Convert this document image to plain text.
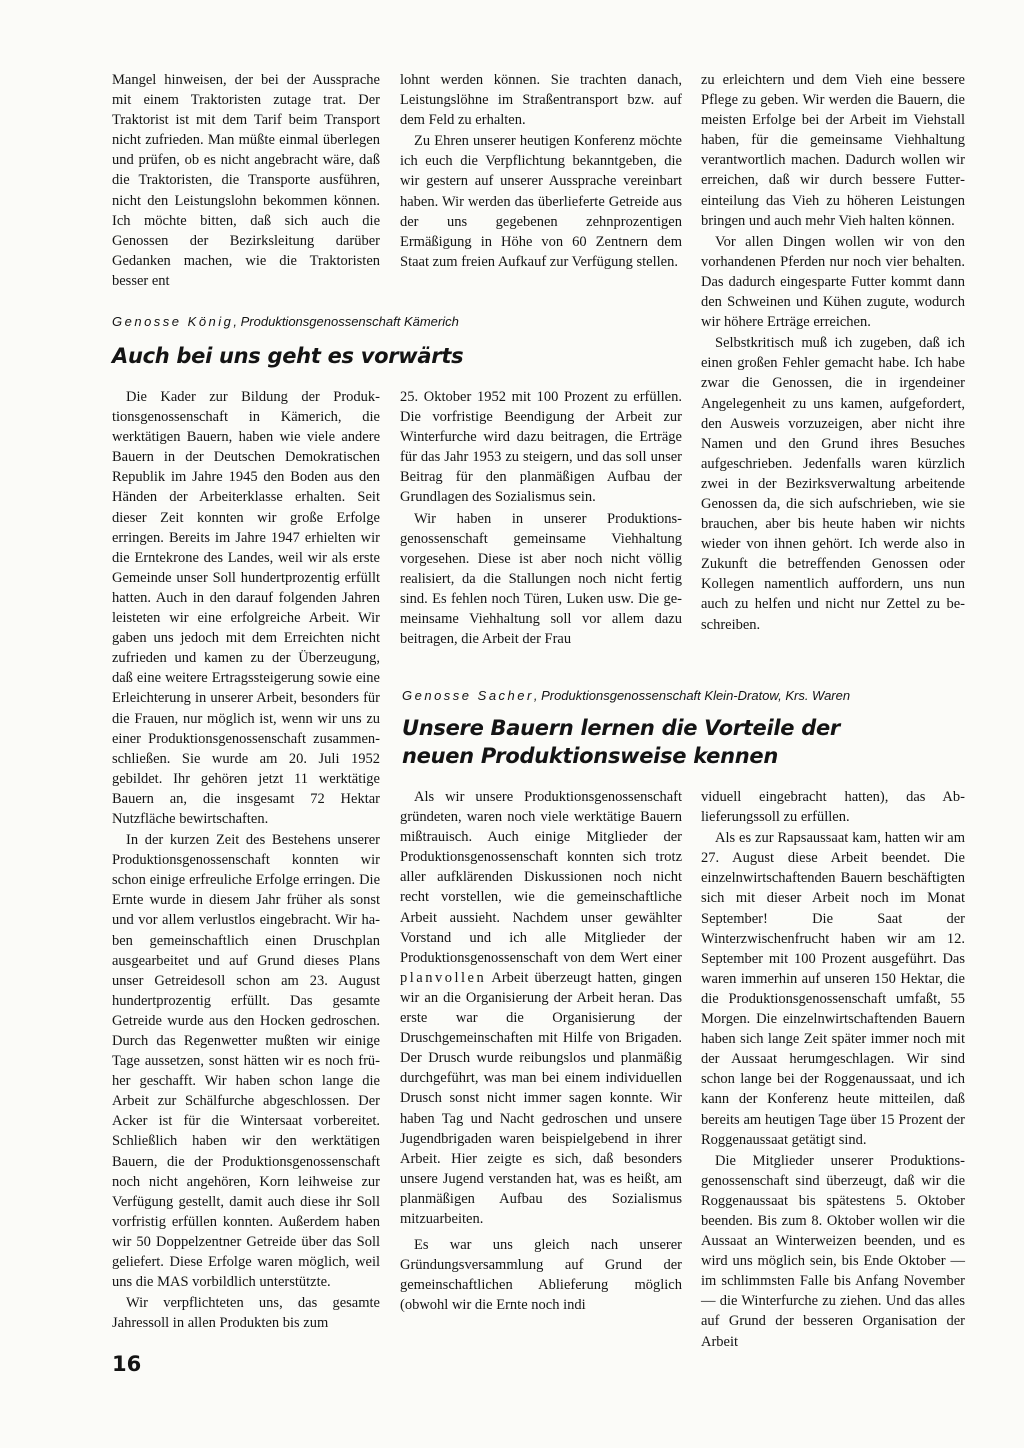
Mangel hinweisen, der bei der Aussprache mit einem Traktoristen zutage trat. Der Traktorist ist mit dem Tarif beim Transport nicht zufrieden. Man müßte einmal überlegen und prüfen, ob es nicht angebracht wäre, daß die Traktoristen, die Transporte ausführen, nicht den Leistungslohn bekommen können. Ich möchte bitten, daß sich auch die Genossen der Bezirksleitung darüber Gedanken machen, wie die Traktoristen besser ent

lohnt werden können. Sie trachten danach, Leistungslöhne im Straßentransport bzw. auf dem Feld zu erhalten.

Zu Ehren unserer heutigen Konferenz möchte ich euch die Verpflichtung bekanntgeben, die wir gestern auf unserer Aussprache vereinbart haben. Wir werden das überlieferte Getreide aus der uns gegebenen zehnprozentigen Ermäßigung in Höhe von 60 Zentnern dem Staat zum freien Aufkauf zur Verfügung stellen.

Genosse König, Produktionsgenossenschaft Kämerich
Auch bei uns geht es vorwärts

Die Kader zur Bildung der Produktionsgenossenschaft in Kämerich, die werktätigen Bauern, haben wie viele andere Bauern in der Deutschen Demokratischen Republik im Jahre 1945 den Boden aus den Händen der Arbeiterklasse erhalten. Seit dieser Zeit konnten wir große Erfolge erringen. Bereits im Jahre 1947 erhielten wir die Erntekrone des Landes, weil wir als erste Gemeinde unser Soll hundertprozentig erfüllt hatten. Auch in den darauf folgenden Jahren leisteten wir eine erfolgreiche Arbeit. Wir gaben uns jedoch mit dem Erreichten nicht zufrieden und kamen zu der Überzeugung, daß eine weitere Ertragssteigerung sowie eine Erleichterung in unserer Arbeit, besonders für die Frauen, nur möglich ist, wenn wir uns zu einer Produktionsgenossenschaft zusammenschließen. Sie wurde am 20. Juli 1952 gebildet. Ihr gehören jetzt 11 werktätige Bauern an, die insgesamt 72 Hektar Nutzfläche bewirtschaften.

In der kurzen Zeit des Bestehens unserer Produktionsgenossenschaft konnten wir schon einige erfreuliche Erfolge erringen. Die Ernte wurde in diesem Jahr früher als sonst und vor allem verlustlos eingebracht. Wir haben gemeinschaftlich einen Druschplan ausgearbeitet und auf Grund dieses Plans unser Getreidesoll schon am 23. August hundertprozentig erfüllt. Das gesamte Getreide wurde aus den Hocken gedroschen. Durch das Regenwetter mußten wir einige Tage aussetzen, sonst hätten wir es noch früher geschafft. Wir haben schon lange die Arbeit zur Schälfurche abgeschlossen. Der Acker ist für die Wintersaat vorbereitet. Schließlich haben wir den werktätigen Bauern, die der Produktionsgenossenschaft noch nicht angehören, Korn leihweise zur Verfügung gestellt, damit auch diese ihr Soll vorfristig erfüllen konnten. Außerdem haben wir 50 Doppelzentner Getreide über das Soll geliefert. Diese Erfolge waren möglich, weil uns die MAS vorbildlich unterstützte.

Wir verpflichteten uns, das gesamte Jahressoll in allen Produkten bis zum

25. Oktober 1952 mit 100 Prozent zu erfüllen. Die vorfristige Beendigung der Arbeit zur Winterfurche wird dazu beitragen, die Erträge für das Jahr 1953 zu steigern, und das soll unser Beitrag für den planmäßigen Aufbau der Grundlagen des Sozialismus sein.

Wir haben in unserer Produktionsgenossenschaft gemeinsame Viehhaltung vorgesehen. Diese ist aber noch nicht völlig realisiert, da die Stallungen noch nicht fertig sind. Es fehlen noch Türen, Luken usw. Die gemeinsame Viehhaltung soll vor allem dazu beitragen, die Arbeit der Frau

zu erleichtern und dem Vieh eine bessere Pflege zu geben. Wir werden die Bauern, die meisten Erfolge bei der Arbeit im Viehstall haben, für die gemeinsame Viehhaltung verantwortlich machen. Dadurch wollen wir erreichen, daß wir durch bessere Futtereinteilung das Vieh zu höheren Leistungen bringen und auch mehr Vieh halten können.

Vor allen Dingen wollen wir von den vorhandenen Pferden nur noch vier behalten. Das dadurch eingesparte Futter kommt dann den Schweinen und Kühen zugute, wodurch wir höhere Erträge erreichen.

Selbstkritisch muß ich zugeben, daß ich einen großen Fehler gemacht habe. Ich habe zwar die Genossen, die in irgendeiner Angelegenheit zu uns kamen, aufgefordert, den Ausweis vorzuzeigen, aber nicht ihre Namen und den Grund ihres Besuches aufgeschrieben. Jedenfalls waren kürzlich zwei in der Bezirksverwaltung arbeitende Genossen da, die sich aufschrieben, wie sie brauchen, aber bis heute haben wir nichts wieder von ihnen gehört. Ich werde also in Zukunft die betreffenden Genossen oder Kollegen namentlich auffordern, uns nun auch zu helfen und nicht nur Zettel zu beschreiben.

Genosse Sacher, Produktionsgenossenschaft Klein-Dratow, Krs. Waren
Unsere Bauern lernen die Vorteile der
neuen Produktionsweise kennen

Als wir unsere Produktionsgenossenschaft gründeten, waren noch viele werktätige Bauern mißtrauisch. Auch einige Mitglieder der Produktionsgenossenschaft konnten sich trotz aller aufklärenden Diskussionen noch nicht recht vorstellen, wie die gemeinschaftliche Arbeit aussieht. Nachdem unser gewählter Vorstand und ich alle Mitglieder der Produktionsgenossenschaft von dem Wert einer planvollen Arbeit überzeugt hatten, gingen wir an die Organisierung der Arbeit heran. Das erste war die Organisierung der Druschgemeinschaften mit Hilfe von Brigaden. Der Drusch wurde reibungslos und planmäßig durchgeführt, was man bei einem individuellen Drusch sonst nicht immer sagen konnte. Wir haben Tag und Nacht gedroschen und unsere Jugendbrigaden waren beispielgebend in ihrer Arbeit. Hier zeigte es sich, daß besonders unsere Jugend verstanden hat, was es heißt, am planmäßigen Aufbau des Sozialismus mitzuarbeiten.

Es war uns gleich nach unserer Gründungsversammlung auf Grund der gemeinschaftlichen Ablieferung möglich (obwohl wir die Ernte noch indi

viduell eingebracht hatten), das Ablieferungssoll zu erfüllen.

Als es zur Rapsaussaat kam, hatten wir am 27. August diese Arbeit beendet. Die einzelnwirtschaftenden Bauern beschäftigten sich mit dieser Arbeit noch im Monat September! Die Saat der Winterzwischenfrucht haben wir am 12. September mit 100 Prozent ausgeführt. Das waren immerhin auf unseren 150 Hektar, die die Produktionsgenossenschaft umfaßt, 55 Morgen. Die einzelnwirtschaftenden Bauern haben sich lange Zeit später immer noch mit der Aussaat herumgeschlagen. Wir sind schon lange bei der Roggenaussaat, und ich kann der Konferenz heute mitteilen, daß bereits am heutigen Tage über 15 Prozent der Roggenaussaat getätigt sind.

Die Mitglieder unserer Produktionsgenossenschaft sind überzeugt, daß wir die Roggenaussaat bis spätestens 5. Oktober beenden. Bis zum 8. Oktober wollen wir die Aussaat an Winterweizen beenden, und es wird uns möglich sein, bis Ende Oktober — im schlimmsten Falle bis Anfang November — die Winterfurche zu ziehen. Und das alles auf Grund der besseren Organisation der Arbeit

16
